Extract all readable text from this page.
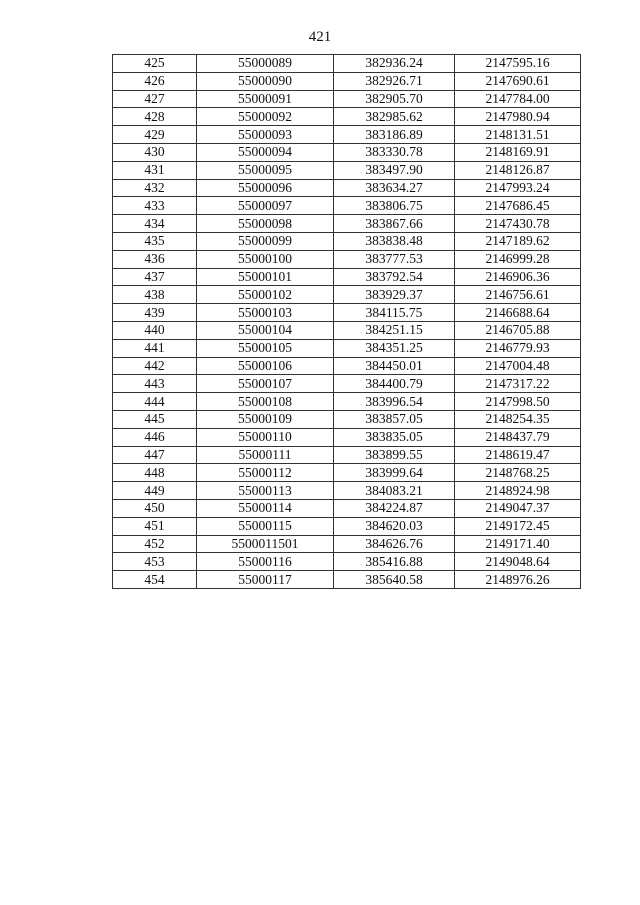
421
425	55000089	382936.24	2147595.16
426	55000090	382926.71	2147690.61
427	55000091	382905.70	2147784.00
428	55000092	382985.62	2147980.94
429	55000093	383186.89	2148131.51
430	55000094	383330.78	2148169.91
431	55000095	383497.90	2148126.87
432	55000096	383634.27	2147993.24
433	55000097	383806.75	2147686.45
434	55000098	383867.66	2147430.78
435	55000099	383838.48	2147189.62
436	55000100	383777.53	2146999.28
437	55000101	383792.54	2146906.36
438	55000102	383929.37	2146756.61
439	55000103	384115.75	2146688.64
440	55000104	384251.15	2146705.88
441	55000105	384351.25	2146779.93
442	55000106	384450.01	2147004.48
443	55000107	384400.79	2147317.22
444	55000108	383996.54	2147998.50
445	55000109	383857.05	2148254.35
446	55000110	383835.05	2148437.79
447	55000111	383899.55	2148619.47
448	55000112	383999.64	2148768.25
449	55000113	384083.21	2148924.98
450	55000114	384224.87	2149047.37
451	55000115	384620.03	2149172.45
452	5500011501	384626.76	2149171.40
453	55000116	385416.88	2149048.64
454	55000117	385640.58	2148976.26
